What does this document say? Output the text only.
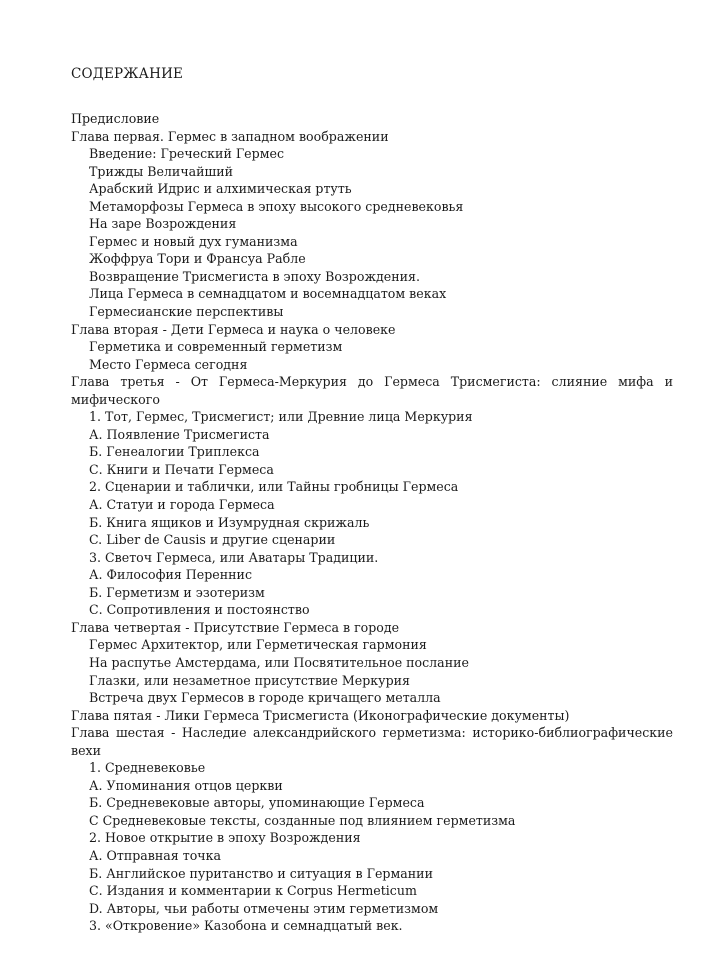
СОДЕРЖАНИЕ
Предисловие
Глава первая. Гермес в западном воображении
Введение: Греческий Гермес
Трижды Величайший
Арабский Идрис и алхимическая ртуть
Метаморфозы Гермеса в эпоху высокого средневековья
На заре Возрождения
Гермес и новый дух гуманизма
Жоффруа Тори и Франсуа Рабле
Возвращение Трисмегиста в эпоху Возрождения.
Лица Гермеса в семнадцатом и восемнадцатом веках
Гермесианские перспективы
Глава вторая - Дети Гермеса и наука о человеке
Герметика и современный герметизм
Место Гермеса сегодня
Глава третья - От Гермеса-Меркурия до Гермеса Трисмегиста: слияние мифа и мифического
1. Тот, Гермес, Трисмегист; или Древние лица Меркурия
А. Появление Трисмегиста
Б. Генеалогии Триплекса
С. Книги и Печати Гермеса
2. Сценарии и таблички, или Тайны гробницы Гермеса
А. Статуи и города Гермеса
Б. Книга ящиков и Изумрудная скрижаль
C. Liber de Causis и другие сценарии
3. Светоч Гермеса, или Аватары Традиции.
А. Философия Переннис
Б. Герметизм и эзотеризм
С. Сопротивления и постоянство
Глава четвертая - Присутствие Гермеса в городе
Гермес Архитектор, или Герметическая гармония
На распутье Амстердама, или Посвятительное послание
Глазки, или незаметное присутствие Меркурия
Встреча двух Гермесов в городе кричащего металла
Глава пятая - Лики Гермеса Трисмегиста (Иконографические документы)
Глава шестая - Наследие александрийского герметизма: историко-библиографические вехи
1. Средневековье
А. Упоминания отцов церкви
Б. Средневековые авторы, упоминающие Гермеса
С Средневековые тексты, созданные под влиянием герметизма
2. Новое открытие в эпоху Возрождения
А. Отправная точка
Б. Английское пуританство и ситуация в Германии
С. Издания и комментарии к Corpus Hermeticum
D. Авторы, чьи работы отмечены этим герметизмом
3. «Откровение» Казобона и семнадцатый век.
